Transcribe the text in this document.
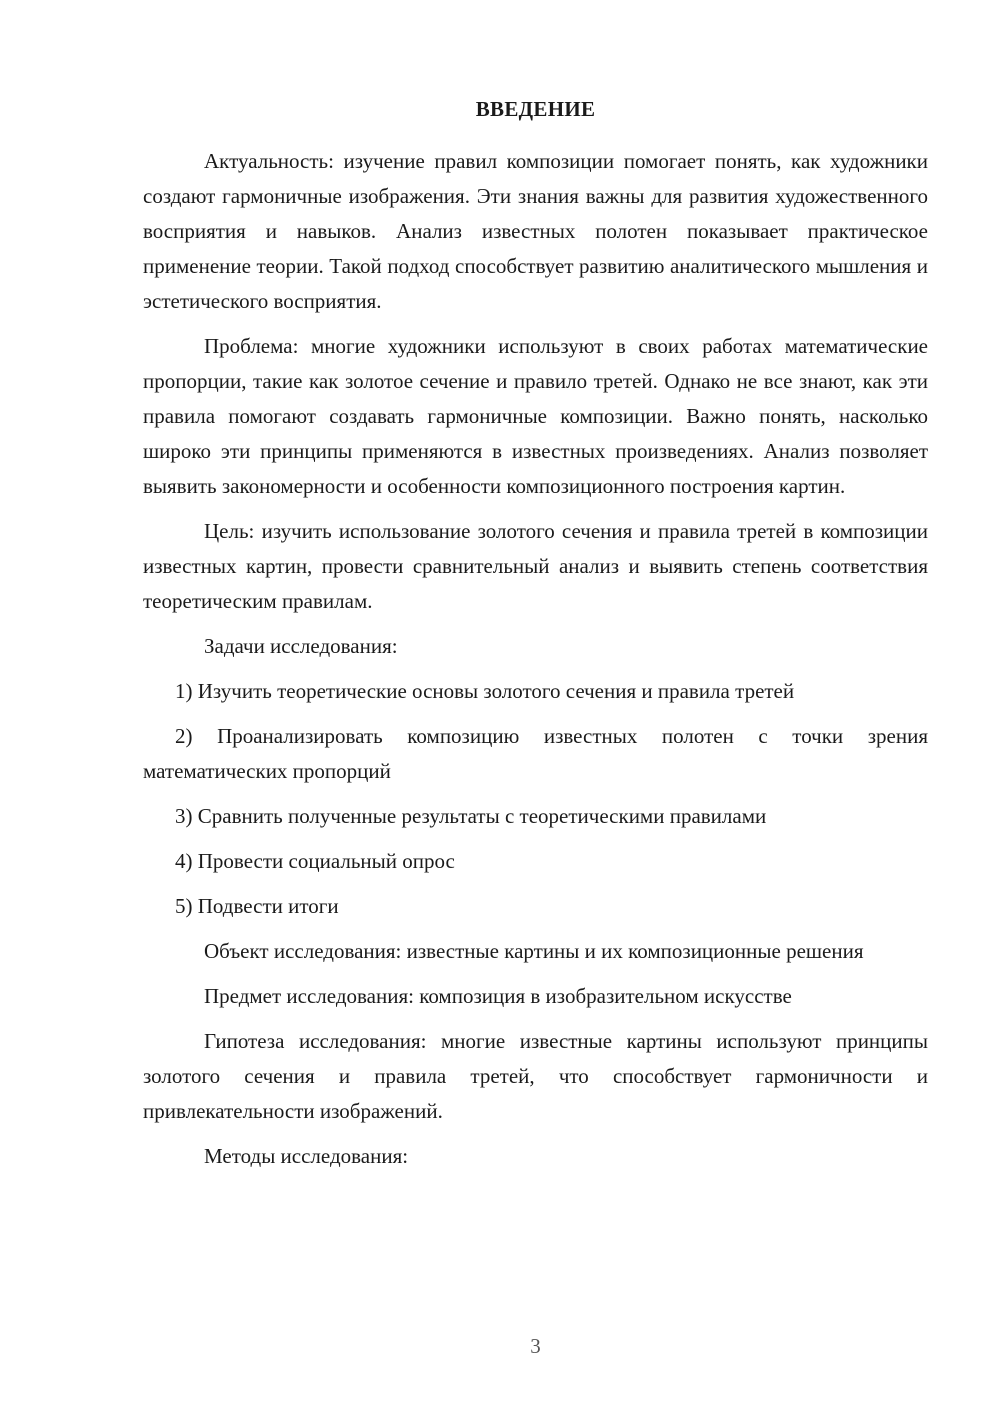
ВВЕДЕНИЕ

Актуальность: изучение правил композиции помогает понять, как художники создают гармоничные изображения. Эти знания важны для развития художественного восприятия и навыков. Анализ известных полотен показывает практическое применение теории. Такой подход способствует развитию аналитического мышления и эстетического восприятия.

Проблема: многие художники используют в своих работах математические пропорции, такие как золотое сечение и правило третей. Однако не все знают, как эти правила помогают создавать гармоничные композиции. Важно понять, насколько широко эти принципы применяются в известных произведениях. Анализ позволяет выявить закономерности и особенности композиционного построения картин.

Цель: изучить использование золотого сечения и правила третей в композиции известных картин, провести сравнительный анализ и выявить степень соответствия теоретическим правилам.

Задачи исследования:

1) Изучить теоретические основы золотого сечения и правила третей

2) Проанализировать композицию известных полотен с точки зрения математических пропорций

3) Сравнить полученные результаты с теоретическими правилами

4) Провести социальный опрос

5) Подвести итоги

Объект исследования: известные картины и их композиционные решения

Предмет исследования: композиция в изобразительном искусстве

Гипотеза исследования: многие известные картины используют принципы золотого сечения и правила третей, что способствует гармоничности и привлекательности изображений.

Методы исследования:

3
